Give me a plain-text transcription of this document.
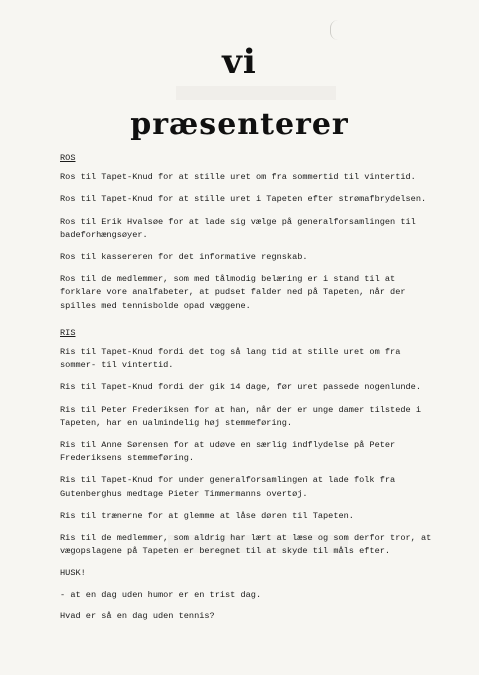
vi
præsenterer
ROS
Ros til Tapet-Knud for at stille uret om fra sommertid til vintertid.
Ros til Tapet-Knud for at stille uret i Tapeten efter strømafbrydelsen.
Ros til Erik Hvalsøe for at lade sig vælge på generalforsamlingen til badeforhængsøyer.
Ros til kassereren for det informative regnskab.
Ros til de medlemmer, som med tålmodig belæring er i stand til at forklare vore analfabeter, at pudset falder ned på Tapeten, når der spilles med tennisbolde opad væggene.
RIS
Ris til Tapet-Knud fordi det tog så lang tid at stille uret om fra sommer- til vintertid.
Ris til Tapet-Knud fordi der gik 14 dage, før uret passede nogenlunde.
Ris til Peter Frederiksen for at han, når der er unge damer tilstede i Tapeten, har en ualmindelig høj stemmeføring.
Ris til Anne Sørensen for at udøve en særlig indflydelse på Peter Frederiksens stemmeføring.
Ris til Tapet-Knud for under generalforsamlingen at lade folk fra Gutenberghus medtage Pieter Timmermanns overtøj.
Ris til trænerne for at glemme at låse døren til Tapeten.
Ris til de medlemmer, som aldrig har lært at læse og som derfor tror, at vægopslagene på Tapeten er beregnet til at skyde til måls efter.
HUSK!
- at en dag uden humor er en trist dag.
Hvad er så en dag uden tennis?
